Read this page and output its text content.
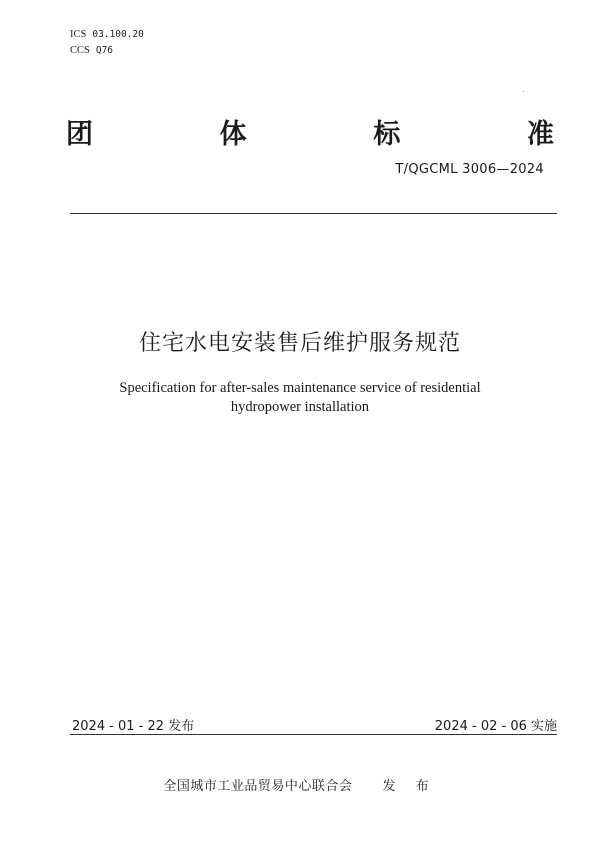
ICS 03.100.20
CCS Q76
团	体	标	准
T/QGCML 3006—2024
住宅水电安装售后维护服务规范
Specification for after-sales maintenance service of residential hydropower installation
2024 - 01 - 22 发布	2024 - 02 - 06 实施
全国城市工业品贸易中心联合会 发 布
